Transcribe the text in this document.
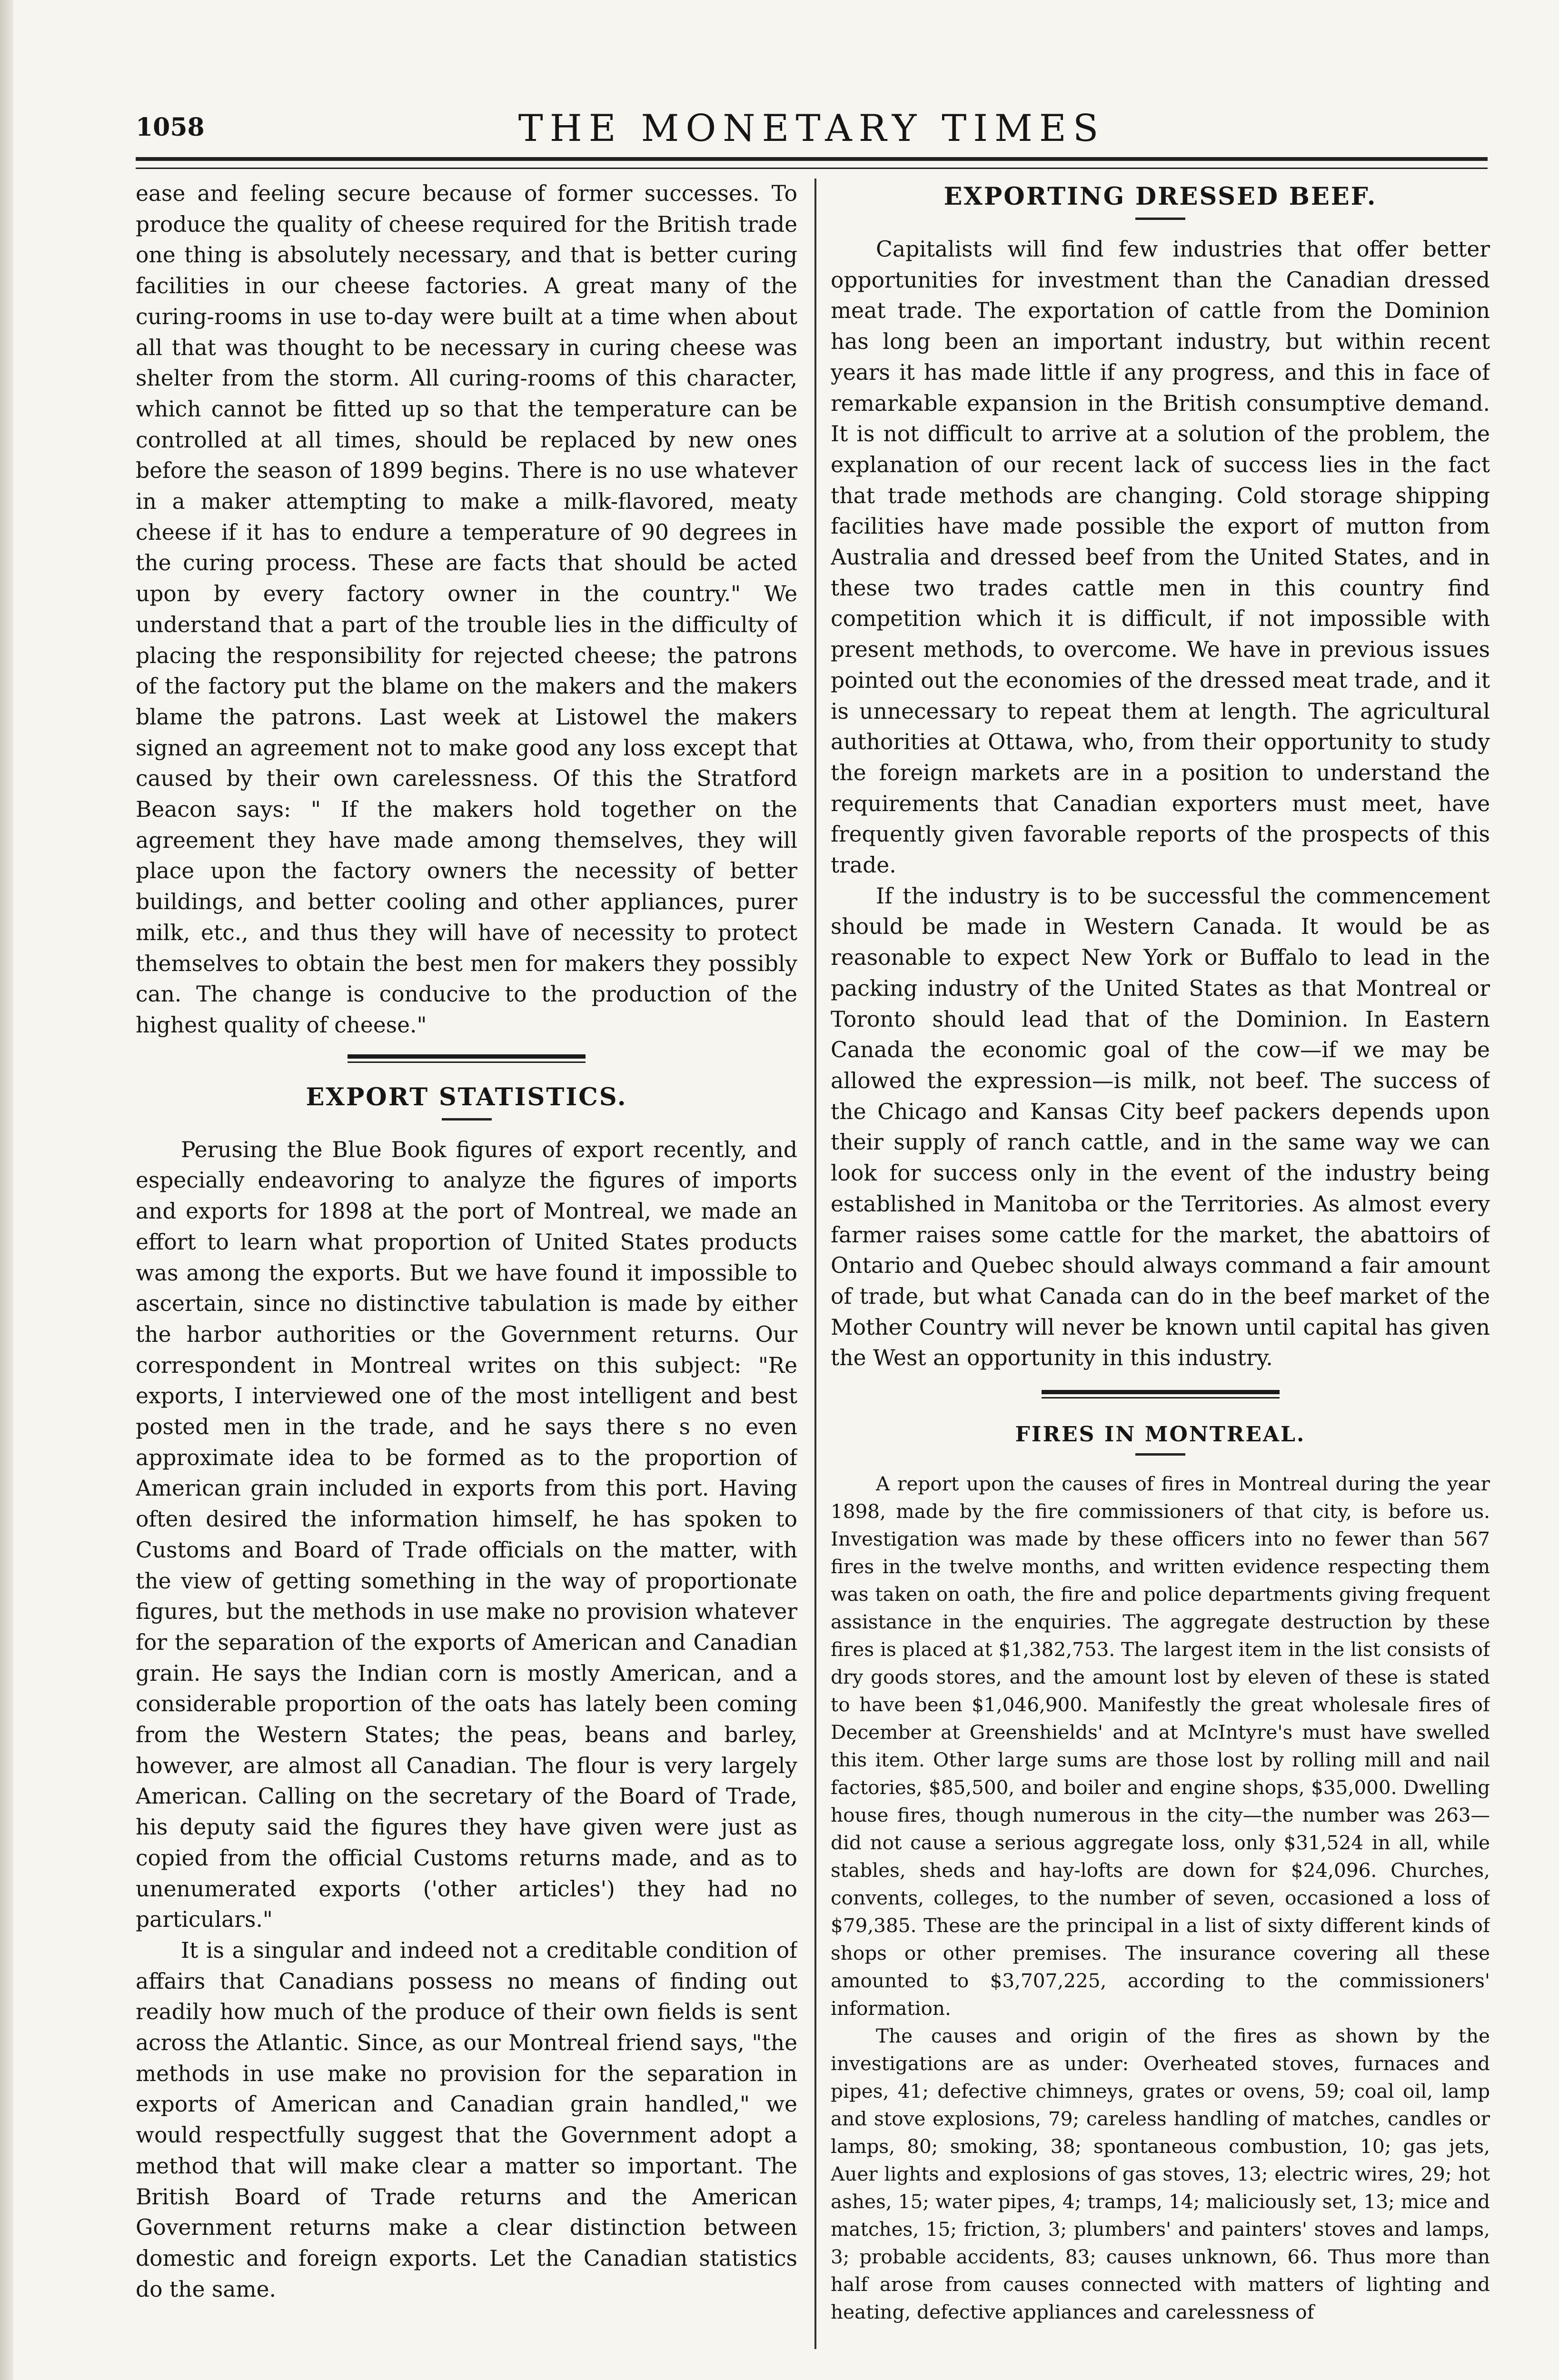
1058	THE MONETARY TIMES

ease and feeling secure because of former successes. To produce the quality of cheese required for the British trade one thing is absolutely necessary, and that is better curing facilities in our cheese factories. A great many of the curing-rooms in use to-day were built at a time when about all that was thought to be necessary in curing cheese was shelter from the storm. All curing-rooms of this character, which cannot be fitted up so that the temperature can be controlled at all times, should be replaced by new ones before the season of 1899 begins. There is no use whatever in a maker attempting to make a milk-flavored, meaty cheese if it has to endure a temperature of 90 degrees in the curing process. These are facts that should be acted upon by every factory owner in the country." We understand that a part of the trouble lies in the difficulty of placing the responsibility for rejected cheese; the patrons of the factory put the blame on the makers and the makers blame the patrons. Last week at Listowel the makers signed an agreement not to make good any loss except that caused by their own carelessness. Of this the Stratford Beacon says: " If the makers hold together on the agreement they have made among themselves, they will place upon the factory owners the necessity of better buildings, and better cooling and other appliances, purer milk, etc., and thus they will have of necessity to protect themselves to obtain the best men for makers they possibly can. The change is conducive to the production of the highest quality of cheese."

EXPORT STATISTICS.

Perusing the Blue Book figures of export recently, and especially endeavoring to analyze the figures of imports and exports for 1898 at the port of Montreal, we made an effort to learn what proportion of United States products was among the exports. But we have found it impossible to ascertain, since no distinctive tabulation is made by either the harbor authorities or the Government returns. Our correspondent in Montreal writes on this subject: "Re exports, I interviewed one of the most intelligent and best posted men in the trade, and he says there s no even approximate idea to be formed as to the proportion of American grain included in exports from this port. Having often desired the information himself, he has spoken to Customs and Board of Trade officials on the matter, with the view of getting something in the way of proportionate figures, but the methods in use make no provision whatever for the separation of the exports of American and Canadian grain. He says the Indian corn is mostly American, and a considerable proportion of the oats has lately been coming from the Western States; the peas, beans and barley, however, are almost all Canadian. The flour is very largely American. Calling on the secretary of the Board of Trade, his deputy said the figures they have given were just as copied from the official Customs returns made, and as to unenumerated exports ('other articles') they had no particulars."

It is a singular and indeed not a creditable condition of affairs that Canadians possess no means of finding out readily how much of the produce of their own fields is sent across the Atlantic. Since, as our Montreal friend says, "the methods in use make no provision for the separation in exports of American and Canadian grain handled," we would respectfully suggest that the Government adopt a method that will make clear a matter so important. The British Board of Trade returns and the American Government returns make a clear distinction between domestic and foreign exports. Let the Canadian statistics do the same.

EXPORTING DRESSED BEEF.

Capitalists will find few industries that offer better opportunities for investment than the Canadian dressed meat trade. The exportation of cattle from the Dominion has long been an important industry, but within recent years it has made little if any progress, and this in face of remarkable expansion in the British consumptive demand. It is not difficult to arrive at a solution of the problem, the explanation of our recent lack of success lies in the fact that trade methods are changing. Cold storage shipping facilities have made possible the export of mutton from Australia and dressed beef from the United States, and in these two trades cattle men in this country find competition which it is difficult, if not impossible with present methods, to overcome. We have in previous issues pointed out the economies of the dressed meat trade, and it is unnecessary to repeat them at length. The agricultural authorities at Ottawa, who, from their opportunity to study the foreign markets are in a position to understand the requirements that Canadian exporters must meet, have frequently given favorable reports of the prospects of this trade.

If the industry is to be successful the commencement should be made in Western Canada. It would be as reasonable to expect New York or Buffalo to lead in the packing industry of the United States as that Montreal or Toronto should lead that of the Dominion. In Eastern Canada the economic goal of the cow—if we may be allowed the expression—is milk, not beef. The success of the Chicago and Kansas City beef packers depends upon their supply of ranch cattle, and in the same way we can look for success only in the event of the industry being established in Manitoba or the Territories. As almost every farmer raises some cattle for the market, the abattoirs of Ontario and Quebec should always command a fair amount of trade, but what Canada can do in the beef market of the Mother Country will never be known until capital has given the West an opportunity in this industry.

FIRES IN MONTREAL.

A report upon the causes of fires in Montreal during the year 1898, made by the fire commissioners of that city, is before us. Investigation was made by these officers into no fewer than 567 fires in the twelve months, and written evidence respecting them was taken on oath, the fire and police departments giving frequent assistance in the enquiries. The aggregate destruction by these fires is placed at $1,382,753. The largest item in the list consists of dry goods stores, and the amount lost by eleven of these is stated to have been $1,046,900. Manifestly the great wholesale fires of December at Greenshields' and at McIntyre's must have swelled this item. Other large sums are those lost by rolling mill and nail factories, $85,500, and boiler and engine shops, $35,000. Dwelling house fires, though numerous in the city—the number was 263—did not cause a serious aggregate loss, only $31,524 in all, while stables, sheds and hay-lofts are down for $24,096. Churches, convents, colleges, to the number of seven, occasioned a loss of $79,385. These are the principal in a list of sixty different kinds of shops or other premises. The insurance covering all these amounted to $3,707,225, according to the commissioners' information.

The causes and origin of the fires as shown by the investigations are as under: Overheated stoves, furnaces and pipes, 41; defective chimneys, grates or ovens, 59; coal oil, lamp and stove explosions, 79; careless handling of matches, candles or lamps, 80; smoking, 38; spontaneous combustion, 10; gas jets, Auer lights and explosions of gas stoves, 13; electric wires, 29; hot ashes, 15; water pipes, 4; tramps, 14; maliciously set, 13; mice and matches, 15; friction, 3; plumbers' and painters' stoves and lamps, 3; probable accidents, 83; causes unknown, 66. Thus more than half arose from causes connected with matters of lighting and heating, defective appliances and carelessness of
